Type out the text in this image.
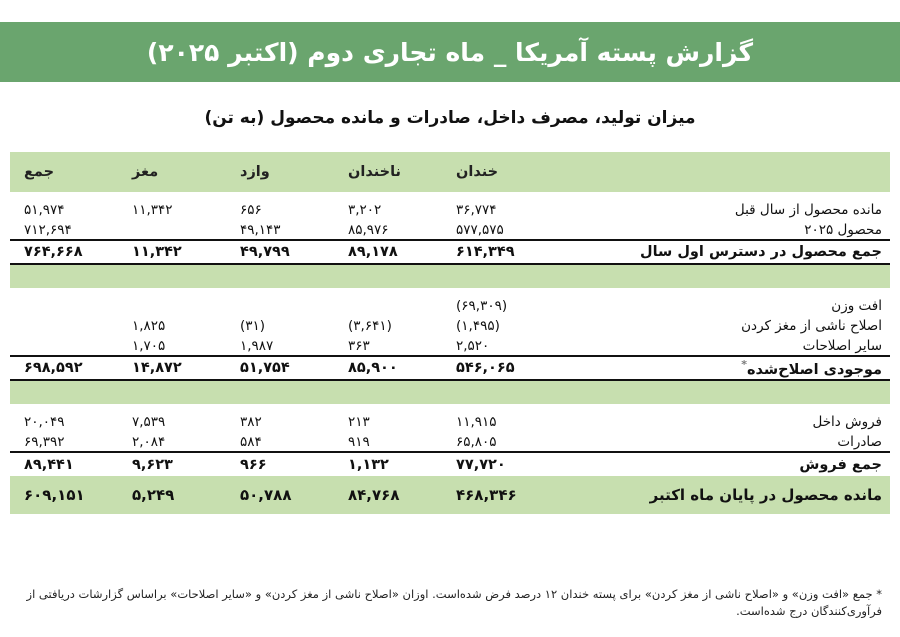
گزارش پسته آمریکا _ ماه تجاری دوم (اکتبر ۲۰۲۵)
میزان تولید، مصرف داخل، صادرات و مانده محصول (به تن)
	خندان	ناخندان	وازد	مغز	جمع

مانده محصول از سال قبل	۳۶,۷۷۴	۳,۲۰۲	۶۵۶	۱۱,۳۴۲	۵۱,۹۷۴
محصول ۲۰۲۵	۵۷۷,۵۷۵	۸۵,۹۷۶	۴۹,۱۴۳		۷۱۲,۶۹۴
جمع محصول در دسترس اول سال	۶۱۴,۳۴۹	۸۹,۱۷۸	۴۹,۷۹۹	۱۱,۳۴۲	۷۶۴,۶۶۸

افت وزن	(۶۹,۳۰۹)				
اصلاح ناشی از مغز کردن	(۱,۴۹۵)	(۳,۶۴۱)	(۳۱)	۱,۸۲۵	
سایر اصلاحات	۲,۵۲۰	۳۶۳	۱,۹۸۷	۱,۷۰۵	
موجودی اصلاح‌شده*	۵۴۶,۰۶۵	۸۵,۹۰۰	۵۱,۷۵۴	۱۴,۸۷۲	۶۹۸,۵۹۲

فروش داخل	۱۱,۹۱۵	۲۱۳	۳۸۲	۷,۵۳۹	۲۰,۰۴۹
صادرات	۶۵,۸۰۵	۹۱۹	۵۸۴	۲,۰۸۴	۶۹,۳۹۲
جمع فروش	۷۷,۷۲۰	۱,۱۳۲	۹۶۶	۹,۶۲۳	۸۹,۴۴۱
مانده محصول در پایان ماه اکتبر	۴۶۸,۳۴۶	۸۴,۷۶۸	۵۰,۷۸۸	۵,۲۴۹	۶۰۹,۱۵۱
* جمع «افت وزن» و «اصلاح ناشی از مغز کردن» برای پسته خندان ۱۲ درصد فرض شده‌است. اوزان «اصلاح ناشی از مغز کردن» و «سایر اصلاحات» براساس گزارشات دریافتی از فرآوری‌کنندگان درج شده‌است.
